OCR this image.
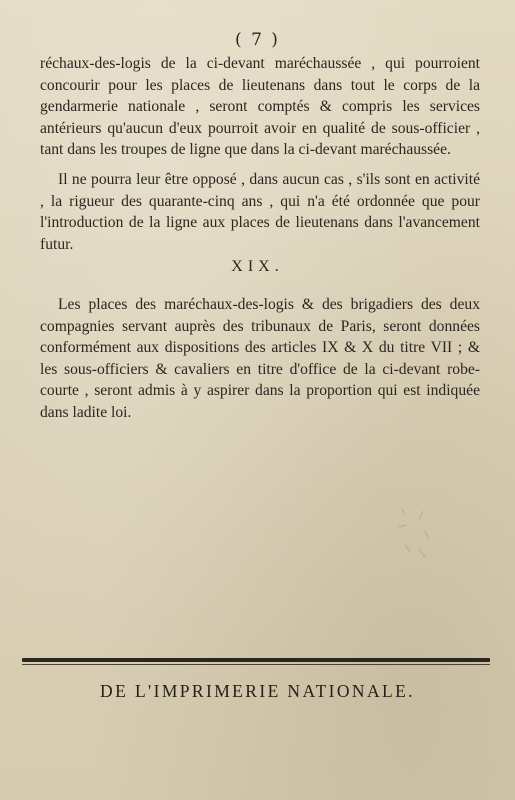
( 7 )

réchaux-des-logis de la ci-devant maréchaussée , qui pourroient concourir pour les places de lieutenans dans tout le corps de la gendarmerie nationale , seront comptés & compris les services antérieurs qu'aucun d'eux pourroit avoir en qualité de sous-officier , tant dans les troupes de ligne que dans la ci-devant maréchaussée.

Il ne pourra leur être opposé , dans aucun cas , s'ils sont en activité , la rigueur des quarante-cinq ans , qui n'a été ordonnée que pour l'introduction de la ligne aux places de lieutenans dans l'avancement futur.

XIX.

Les places des maréchaux-des-logis & des brigadiers des deux compagnies servant auprès des tribunaux de Paris, seront données conformément aux dispositions des articles IX & X du titre VII ; & les sous-officiers & cavaliers en titre d'office de la ci-devant robe-courte , seront admis à y aspirer dans la proportion qui est indiquée dans ladite loi.

DE L'IMPRIMERIE NATIONALE.
